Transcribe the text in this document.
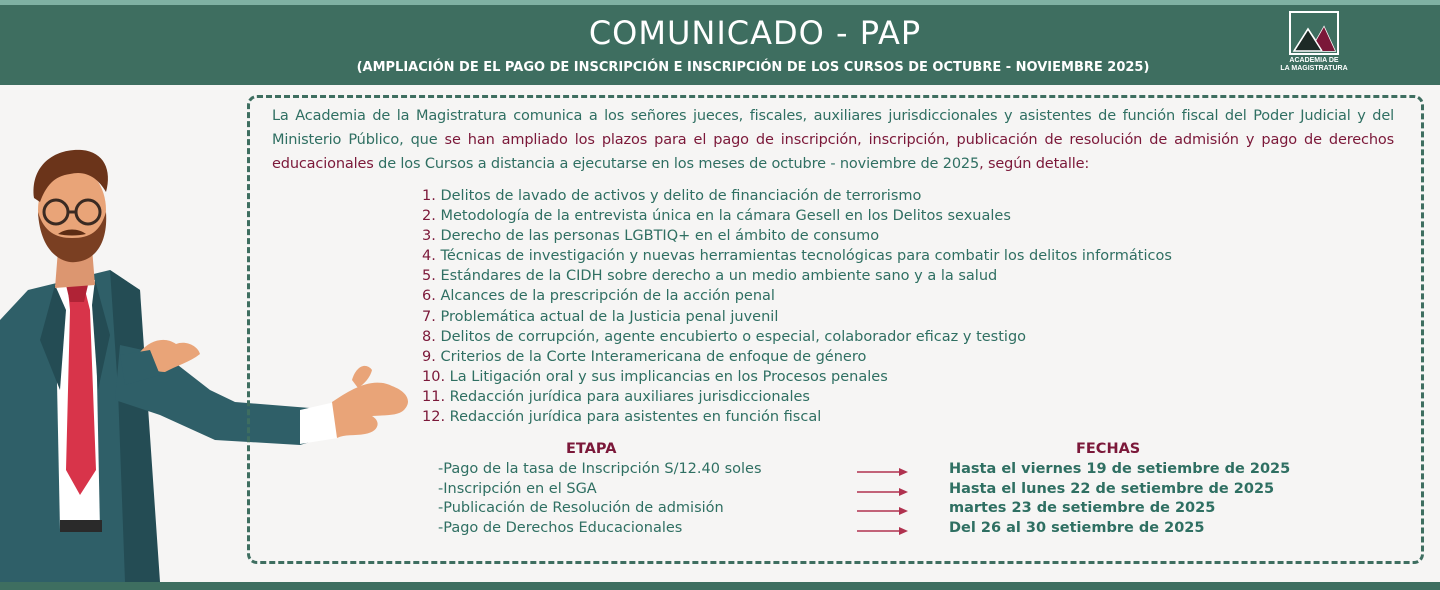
COMUNICADO - PAP
(AMPLIACIÓN DE EL PAGO DE INSCRIPCIÓN E INSCRIPCIÓN DE LOS CURSOS DE OCTUBRE - NOVIEMBRE 2025)	ACADEMIA DE
LA MAGISTRATURA
La Academia de la Magistratura comunica a los señores jueces, fiscales, auxiliares jurisdiccionales y asistentes de función fiscal del Poder Judicial y del Ministerio Público, que se han ampliado los plazos para el pago de inscripción, inscripción, publicación de resolución de admisión y pago de derechos educacionales de los Cursos a distancia a ejecutarse en los meses de octubre - noviembre de 2025, según detalle:
1. Delitos de lavado de activos y delito de financiación de terrorismo
2. Metodología de la entrevista única en la cámara Gesell en los Delitos sexuales
3. Derecho de las personas LGBTIQ+ en el ámbito de consumo
4. Técnicas de investigación y nuevas herramientas tecnológicas para combatir los delitos informáticos
5. Estándares de la CIDH sobre derecho a un medio ambiente sano y a la salud
6. Alcances de la prescripción de la acción penal
7. Problemática actual de la Justicia penal juvenil
8. Delitos de corrupción, agente encubierto o especial, colaborador eficaz y testigo
9. Criterios de la Corte Interamericana de enfoque de género
10. La Litigación oral y sus implicancias en los Procesos penales
11. Redacción jurídica para auxiliares jurisdiccionales
12. Redacción jurídica para asistentes en función fiscal
ETAPA	FECHAS
-Pago de la tasa de Inscripción S/12.40 soles	Hasta el viernes 19 de setiembre de 2025
-Inscripción en el SGA	Hasta el lunes 22 de setiembre de 2025
-Publicación de Resolución de admisión	martes 23 de setiembre de 2025
-Pago de Derechos Educacionales	Del 26 al 30 setiembre de 2025
